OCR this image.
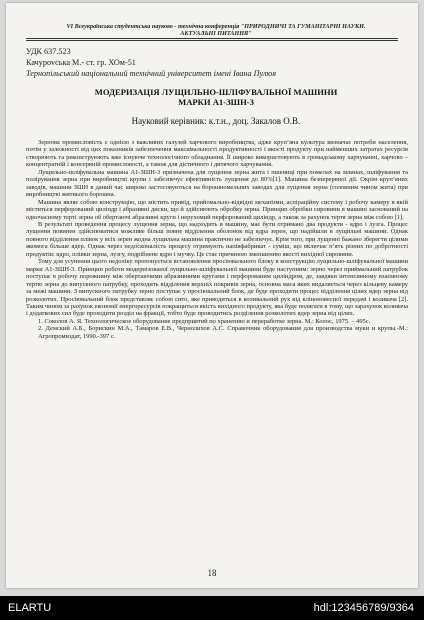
VI Всеукраїнська студентська науково - технічна конференція "ПРИРОДНИЧІ ТА ГУМАНІТАРНІ НАУКИ.
АКТУАЛЬНІ ПИТАННЯ"
УДК 637.523
Качурovська М.- ст. гр. ХОм-51
Тернопільський національний технічний університет імені Івана Пулюя
МОДЕРИЗАЦІЯ ЛУЩИЛЬНО-ШЛІФУВАЛЬНОЇ МАШИНИ
МАРКИ А1-ЗШН-3
Науковий керівник: к.т.н., доц. Закалов О.В.

Зернова промисловість є однією з важливих галузей харчового виробництва, адже круп’яна культура визначає потреби населення, потім у залежності від цих показників забезпечення максимальності продуктивності і якості продукту при найменших затратах ресурсів створюють та реконструюють вже існуючe технологічного обладнання. Її широко використовують в громадському харчуванні, харчово – концентратній і консервній промисловості, а також для дістичного і дитячого харчування.

Лущильно-шліфувальна машина А1-ЗШН-3 призначена для лущення зерна жита і пшениці при помелах на млинах, шліфування та полірування зерна при виробництві крупи і забезпечує ефективність лущення до 80%[1]. Машина безперервної дії. Окрім круп’яних заводів, машини ЗШН в даний час широко застосовуються на борошномельних заводах для лущення зерна (головним чином жита) при виробництві житнього борошна.

Машина являє собою конструкцію, що містить привід, прийомально-відвідні механізми, аспіраційну систему і робочу камеру в якій міститься перфорований циліндр і абразивні диски, що й здійснюють обробку зерна. Принцип обробки сировини в машині заснований на одночасному терті зерна об обертаючі абразивні круги і нерухомий перфорований циліндр, а також за рахунок тертя зерна між собою [1].

В результаті проведення процесу лущення зерна, що надходить в машину, має бути отримано два продукти - ядро і лузга. Процес лущення повинен здійснюватися можливе більш повне відділення оболонок від ядра зерен, що надійшли в лущильні машини. Однак повного відділення плівок у всіх зерен жодна лущильна машина практично не забезпечує. Крім того, при лущенні бажано зберегти цілими якомога більше ядер. Однак через недосконалість процесу отримують напівфабрикат - суміш, що включає п’ять різних по добротності продуктів: ядро, плівки зерна, лузгу, подрібнене ядро і мучку. Це стає причиною зменшенню якості вихідної сировини.

Тому для усунення цього недоліку пропонується встановлення просіювального блоку в конструкцію лущильно-шліфувальної машини марки А1-ЗШН-3. Принцип роботи модернізованої лущильно-шліфувальної машини буде наступним: зерно через приймальний патрубок поступає в робочу порожнину між обертаючими абразивними кругами і перфорованим циліндром, де, завдяки інтенсивному взаємному тертю зерна до випускного патрубку, проходить відділення верхніх покривів зерна, основна маса яких видаляється через кільцеву камеру за межі машини. З випускного патрубку зерно поступає у просіювальний блок, де буде проходити процес відділення цілих ядер зерна від розколотих. Просіювальний блок представляє собою сито, яке приводиться в коливальний рух від кліноновесної передачі і коливача [2]. Таким чином за рахунок економії енергоресурсів покращиться якість вихідного продукту, яка буде полягати в тому, що зарахунок коливача і додаткових сил буде проходити розділ на фракції, тобто буде проводитись розділення розколотих ядер зерна від цілих.

1. Соколов А. Я. Технологическое оборудование предприятий по хранению и переработке зерна. М.: Колос, 1975. – 495с.

2. Демский А.Б., Борискин М.А., Тамаров Е.В., Чернолихов А.С. Справочник оборудования для производства муки и крупы.-М.: Агропромиздат, 1990.-397 с.

18
ELARTU	hdl:123456789/9364
